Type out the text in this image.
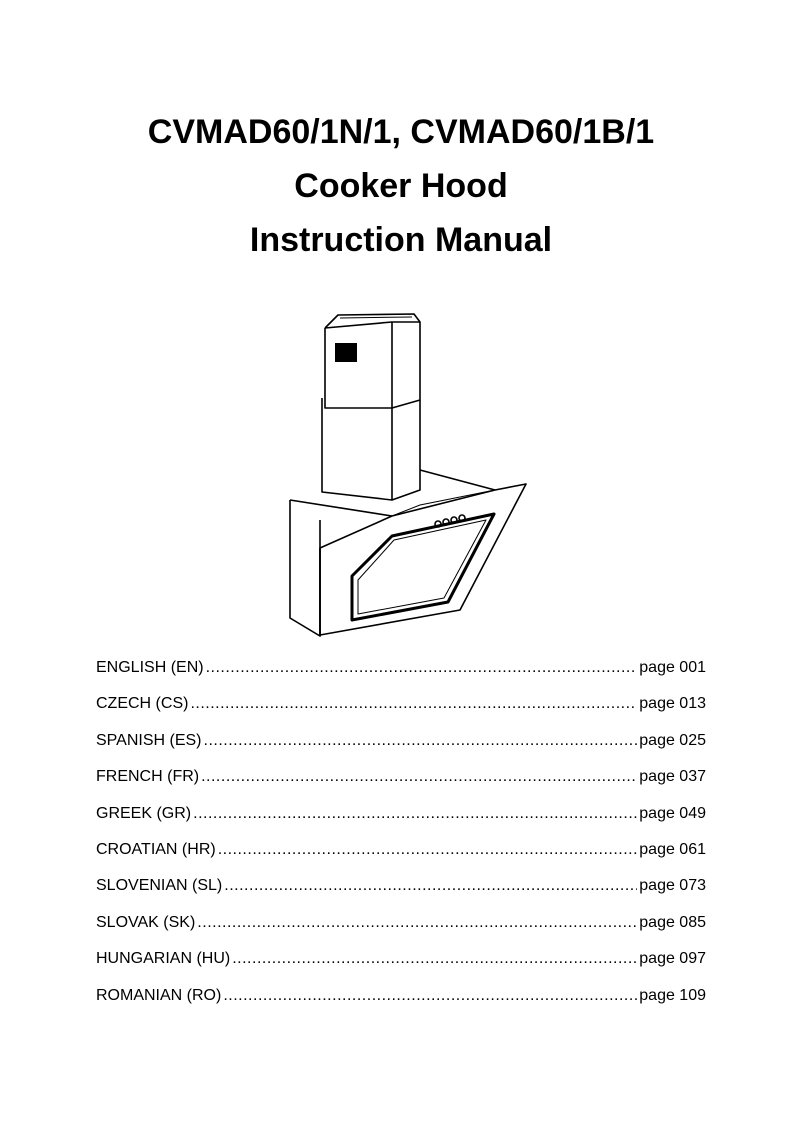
CVMAD60/1N/1, CVMAD60/1B/1
Cooker Hood
Instruction Manual
ENGLISH (EN) .....	page 001
CZECH (CS) .....	page 013
SPANISH (ES) .....	page 025
FRENCH (FR) .....	page 037
GREEK (GR) .....	page 049
CROATIAN (HR) .....	page 061
SLOVENIAN (SL) .....	page 073
SLOVAK (SK) .....	page 085
HUNGARIAN (HU) .....	page 097
ROMANIAN (RO) .....	page 109
